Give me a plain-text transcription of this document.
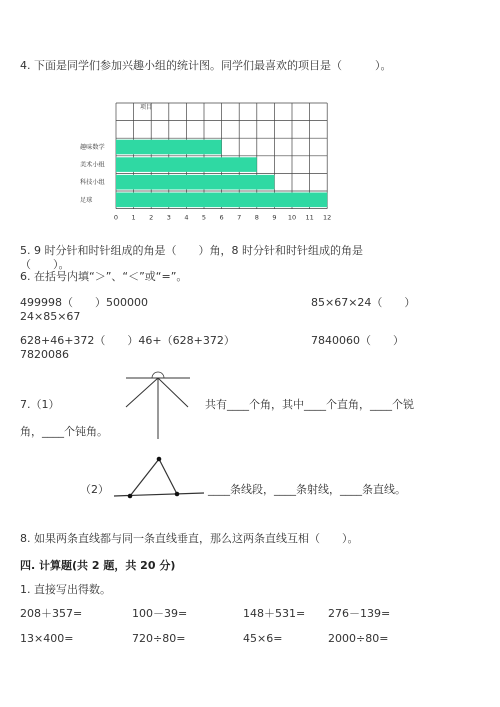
4. 下面是同学们参加兴趣小组的统计图。同学们最喜欢的项目是（　　　）。
项目
趣味数学
美术小组
科技小组
足球
0 1 2 3 4 5 6 7 8 9 10 11 12
5. 9 时分针和时针组成的角是（　　）角，8 时分针和时针组成的角是
（　　）。
6. 在括号内填“＞”、“＜”或“=”。
499998（　　）500000	85×67×24（　　）
24×85×67
628+46+372（　　）46+（628+372）	7840060（　　）
7820086
7.（1）	共有____个角，其中____个直角，____个锐
角，____个钝角。
（2）	____条线段，____条射线，____条直线。
8. 如果两条直线都与同一条直线垂直，那么这两条直线互相（　　）。
四. 计算题(共 2 题，共 20 分)
1. 直接写出得数。
208＋357=	100－39=	148＋531= 276－139=
13×400=	720÷80=	45×6=	2000÷80=
